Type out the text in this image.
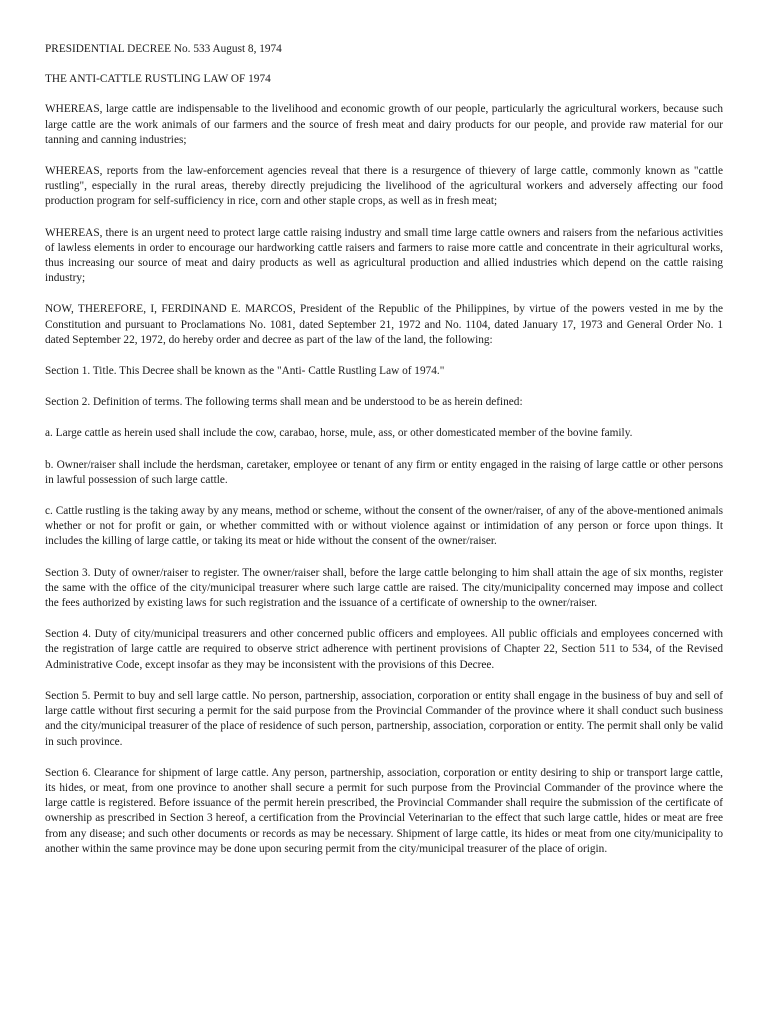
PRESIDENTIAL DECREE No. 533 August 8, 1974

THE ANTI-CATTLE RUSTLING LAW OF 1974

WHEREAS, large cattle are indispensable to the livelihood and economic growth of our people, particularly the agricultural workers, because such large cattle are the work animals of our farmers and the source of fresh meat and dairy products for our people, and provide raw material for our tanning and canning industries;

WHEREAS, reports from the law-enforcement agencies reveal that there is a resurgence of thievery of large cattle, commonly known as "cattle rustling", especially in the rural areas, thereby directly prejudicing the livelihood of the agricultural workers and adversely affecting our food production program for self-sufficiency in rice, corn and other staple crops, as well as in fresh meat;

WHEREAS, there is an urgent need to protect large cattle raising industry and small time large cattle owners and raisers from the nefarious activities of lawless elements in order to encourage our hardworking cattle raisers and farmers to raise more cattle and concentrate in their agricultural works, thus increasing our source of meat and dairy products as well as agricultural production and allied industries which depend on the cattle raising industry;

NOW, THEREFORE, I, FERDINAND E. MARCOS, President of the Republic of the Philippines, by virtue of the powers vested in me by the Constitution and pursuant to Proclamations No. 1081, dated September 21, 1972 and No. 1104, dated January 17, 1973 and General Order No. 1 dated September 22, 1972, do hereby order and decree as part of the law of the land, the following:

Section 1. Title. This Decree shall be known as the "Anti- Cattle Rustling Law of 1974."

Section 2. Definition of terms. The following terms shall mean and be understood to be as herein defined:

a. Large cattle as herein used shall include the cow, carabao, horse, mule, ass, or other domesticated member of the bovine family.

b. Owner/raiser shall include the herdsman, caretaker, employee or tenant of any firm or entity engaged in the raising of large cattle or other persons in lawful possession of such large cattle.

c. Cattle rustling is the taking away by any means, method or scheme, without the consent of the owner/raiser, of any of the above-mentioned animals whether or not for profit or gain, or whether committed with or without violence against or intimidation of any person or force upon things. It includes the killing of large cattle, or taking its meat or hide without the consent of the owner/raiser.

Section 3. Duty of owner/raiser to register. The owner/raiser shall, before the large cattle belonging to him shall attain the age of six months, register the same with the office of the city/municipal treasurer where such large cattle are raised. The city/municipality concerned may impose and collect the fees authorized by existing laws for such registration and the issuance of a certificate of ownership to the owner/raiser.

Section 4. Duty of city/municipal treasurers and other concerned public officers and employees. All public officials and employees concerned with the registration of large cattle are required to observe strict adherence with pertinent provisions of Chapter 22, Section 511 to 534, of the Revised Administrative Code, except insofar as they may be inconsistent with the provisions of this Decree.

Section 5. Permit to buy and sell large cattle. No person, partnership, association, corporation or entity shall engage in the business of buy and sell of large cattle without first securing a permit for the said purpose from the Provincial Commander of the province where it shall conduct such business and the city/municipal treasurer of the place of residence of such person, partnership, association, corporation or entity. The permit shall only be valid in such province.

Section 6. Clearance for shipment of large cattle. Any person, partnership, association, corporation or entity desiring to ship or transport large cattle, its hides, or meat, from one province to another shall secure a permit for such purpose from the Provincial Commander of the province where the large cattle is registered. Before issuance of the permit herein prescribed, the Provincial Commander shall require the submission of the certificate of ownership as prescribed in Section 3 hereof, a certification from the Provincial Veterinarian to the effect that such large cattle, hides or meat are free from any disease; and such other documents or records as may be necessary. Shipment of large cattle, its hides or meat from one city/municipality to another within the same province may be done upon securing permit from the city/municipal treasurer of the place of origin.
